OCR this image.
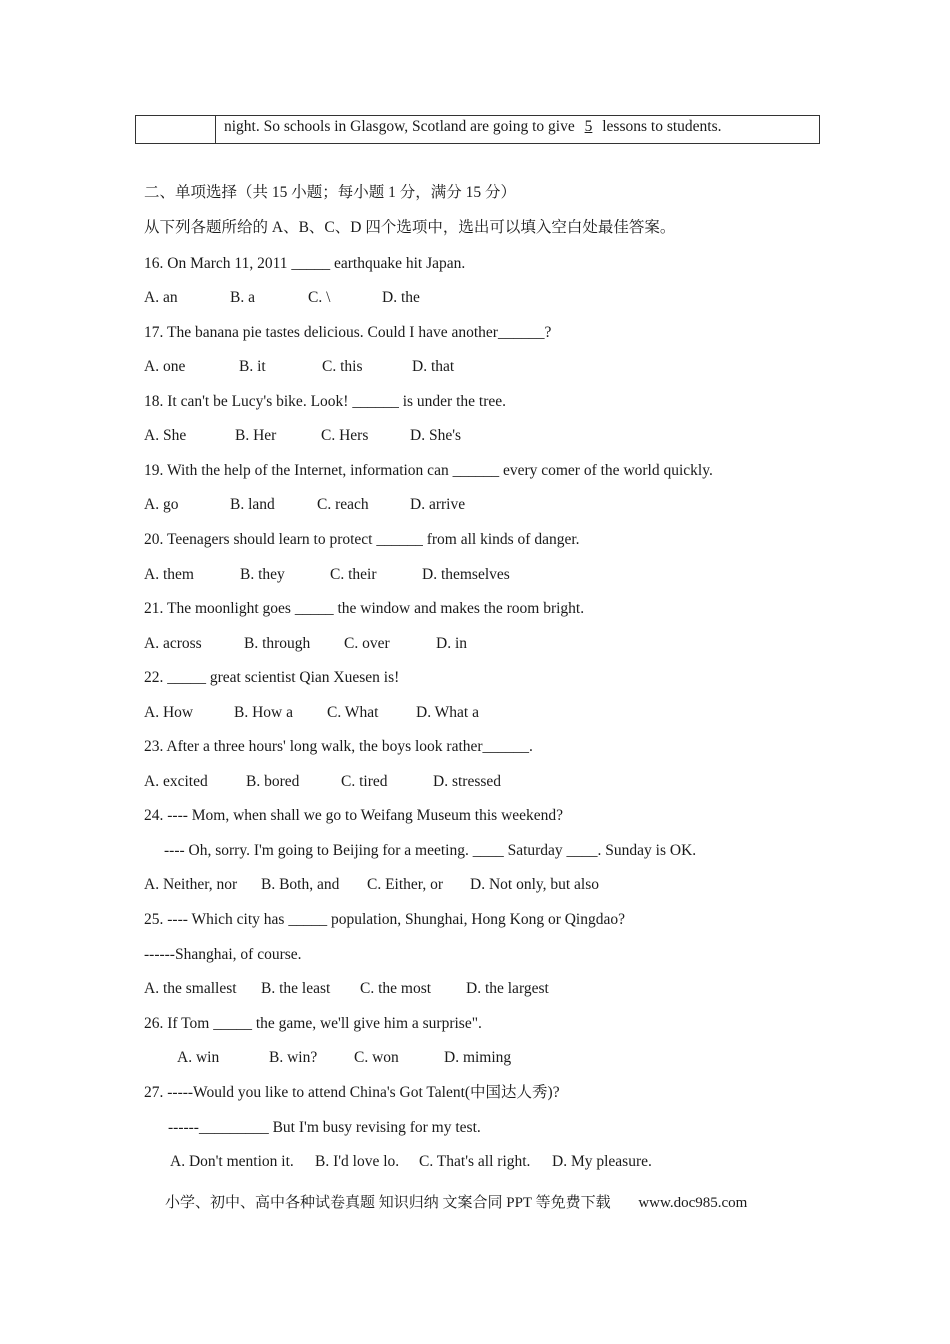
night. So schools in Glasgow, Scotland are going to give 5 lessons to students.
二、单项选择（共 15 小题；每小题 1 分，满分 15 分）
从下列各题所给的 A、B、C、D 四个选项中，选出可以填入空白处最佳答案。
16. On March 11, 2011 _____ earthquake hit Japan.
A. an	B. a	C. \	D. the
17. The banana pie tastes delicious. Could I have another______?
A. one	B. it	C. this	D. that
18. It can't be Lucy's bike. Look! ______ is under the tree.
A. She	B. Her	C. Hers	D. She's
19. With the help of the Internet, information can ______ every comer of the world quickly.
A. go	B. land	C. reach	D. arrive
20. Teenagers should learn to protect ______ from all kinds of danger.
A. them	B. they	C. their	D. themselves
21. The moonlight goes _____ the window and makes the room bright.
A. across	B. through	C. over	D. in
22. _____ great scientist Qian Xuesen is!
A. How	B. How a	C. What	D. What a
23. After a three hours' long walk, the boys look rather______.
A. excited	B. bored	C. tired	D. stressed
24. ---- Mom, when shall we go to Weifang Museum this weekend?
---- Oh, sorry. I'm going to Beijing for a meeting. ____ Saturday ____. Sunday is OK.
A. Neither, nor	B. Both, and	C. Either, or	D. Not only, but also
25. ---- Which city has _____ population, Shunghai, Hong Kong or Qingdao?
------Shanghai, of course.
A. the smallest	B. the least	C. the most	D. the largest
26. If Tom _____ the game, we'll give him a surprise".
A. win	B. win?	C. won	D. miming
27. -----Would you like to attend China's Got Talent(中国达人秀)?
------_________ But I'm busy revising for my test.
A. Don't mention it.	B. I'd love lo.	C. That's all right.	D. My pleasure.
小学、初中、高中各种试卷真题 知识归纳 文案合同 PPT 等免费下载 www.doc985.com
